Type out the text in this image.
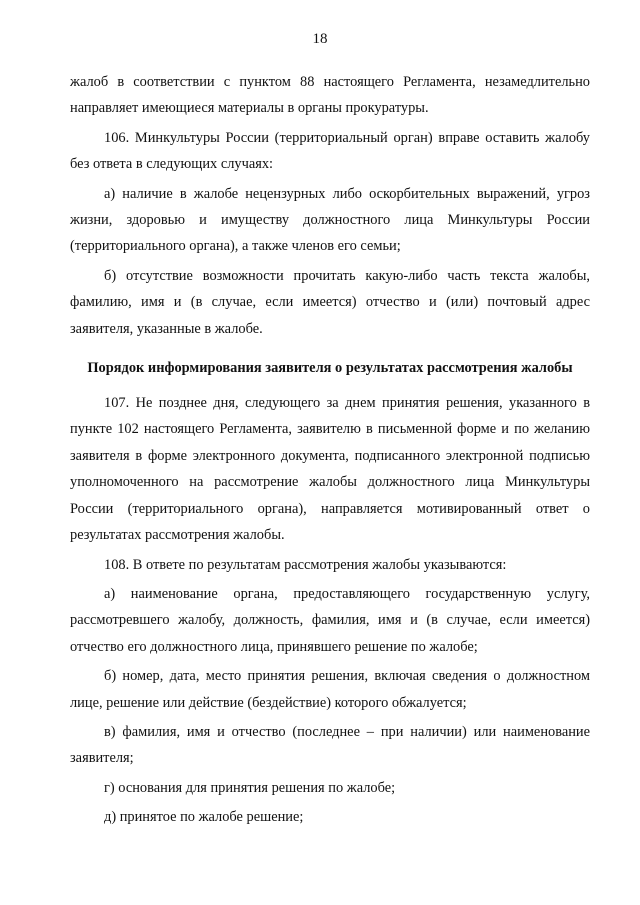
18

жалоб в соответствии с пунктом 88 настоящего Регламента, незамедлительно направляет имеющиеся материалы в органы прокуратуры.

106. Минкультуры России (территориальный орган) вправе оставить жалобу без ответа в следующих случаях:

а) наличие в жалобе нецензурных либо оскорбительных выражений, угроз жизни, здоровью и имуществу должностного лица Минкультуры России (территориального органа), а также членов его семьи;

б) отсутствие возможности прочитать какую-либо часть текста жалобы, фамилию, имя и (в случае, если имеется) отчество и (или) почтовый адрес заявителя, указанные в жалобе.

Порядок информирования заявителя о результатах рассмотрения жалобы

107. Не позднее дня, следующего за днем принятия решения, указанного в пункте 102 настоящего Регламента, заявителю в письменной форме и по желанию заявителя в форме электронного документа, подписанного электронной подписью уполномоченного на рассмотрение жалобы должностного лица Минкультуры России (территориального органа), направляется мотивированный ответ о результатах рассмотрения жалобы.

108. В ответе по результатам рассмотрения жалобы указываются:

а) наименование органа, предоставляющего государственную услугу, рассмотревшего жалобу, должность, фамилия, имя и (в случае, если имеется) отчество его должностного лица, принявшего решение по жалобе;

б) номер, дата, место принятия решения, включая сведения о должностном лице, решение или действие (бездействие) которого обжалуется;

в) фамилия, имя и отчество (последнее – при наличии) или наименование заявителя;

г) основания для принятия решения по жалобе;

д) принятое по жалобе решение;
